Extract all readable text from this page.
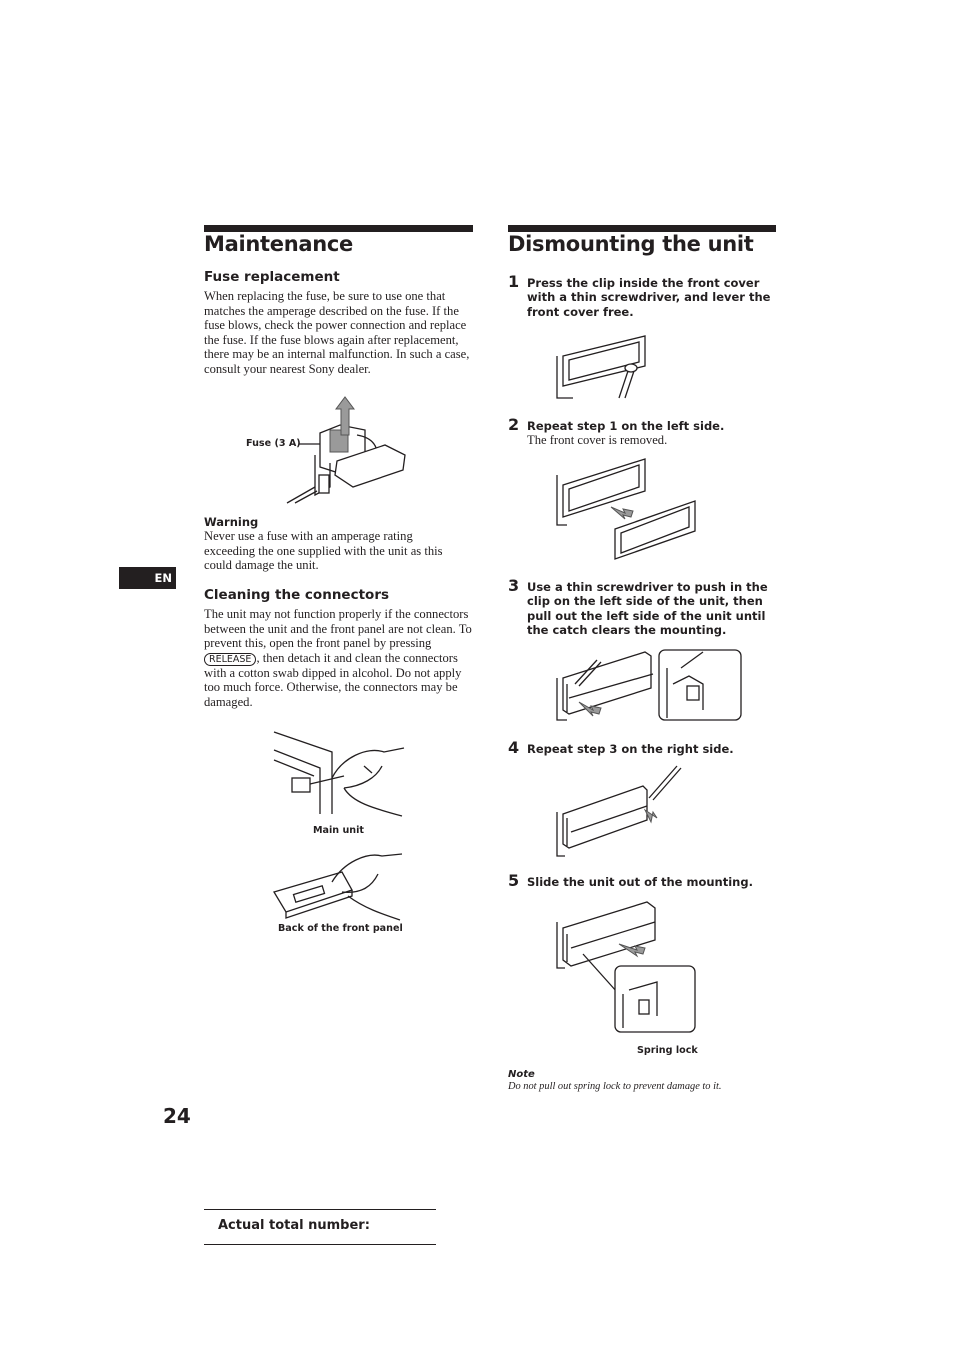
Maintenance
Fuse replacement
When replacing the fuse, be sure to use one that matches the amperage described on the fuse. If the fuse blows, check the power connection and replace the fuse. If the fuse blows again after replacement, there may be an internal malfunction. In such a case, consult your nearest Sony dealer.
Fuse (3 A)
Warning
Never use a fuse with an amperage rating exceeding the one supplied with the unit as this could damage the unit.
EN
Cleaning the connectors
The unit may not function properly if the connectors between the unit and the front panel are not clean. To prevent this, open the front panel by pressing RELEASE , then detach it and clean the connectors with a cotton swab dipped in alcohol. Do not apply too much force. Otherwise, the connectors may be damaged.
Main unit
Back of the front panel
24
Dismounting the unit
1 Press the clip inside the front cover with a thin screwdriver, and lever the front cover free.
2 Repeat step 1 on the left side.
The front cover is removed.
3 Use a thin screwdriver to push in the clip on the left side of the unit, then pull out the left side of the unit until the catch clears the mounting.
4 Repeat step 3 on the right side.
5 Slide the unit out of the mounting.
Spring lock
Note
Do not pull out spring lock to prevent damage to it.
Actual total number:
